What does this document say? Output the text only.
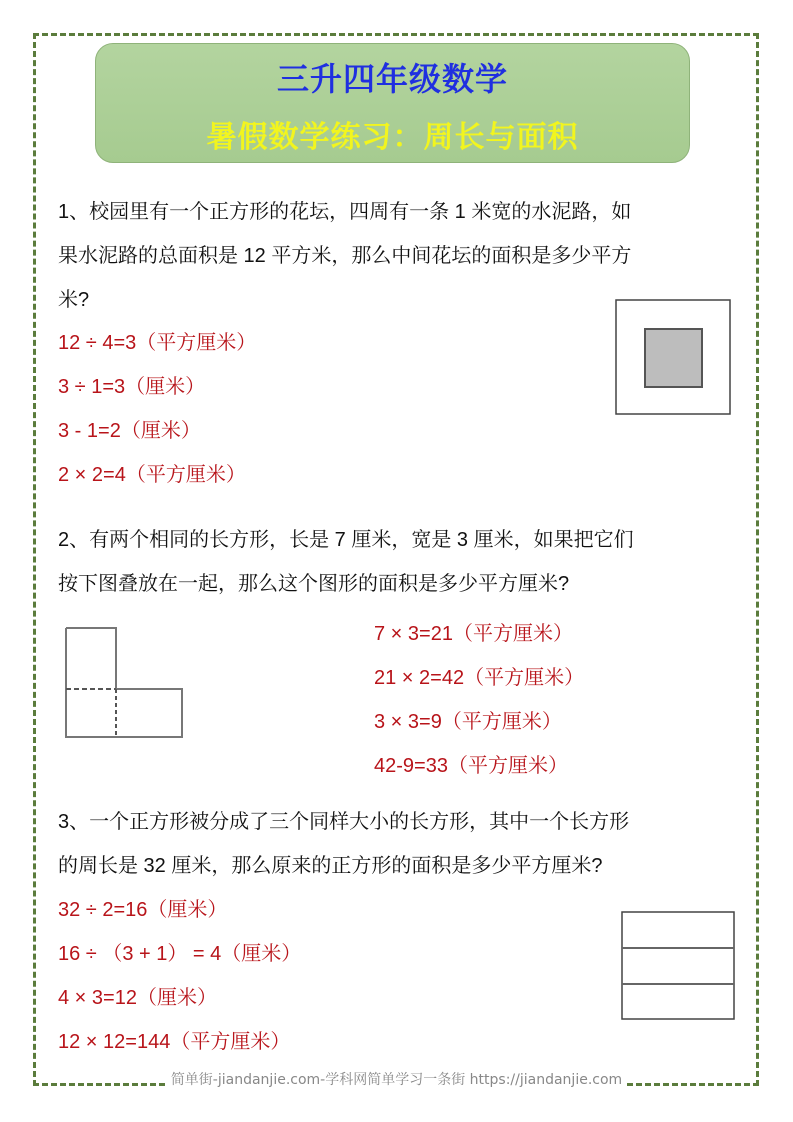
三升四年级数学
暑假数学练习：周长与面积
1、校园里有一个正方形的花坛，四周有一条 1 米宽的水泥路，如
果水泥路的总面积是 12 平方米，那么中间花坛的面积是多少平方
米?
12 ÷ 4=3（平方厘米）
3 ÷ 1=3（厘米）
3 - 1=2（厘米）
2 × 2=4（平方厘米）
2、有两个相同的长方形，长是 7 厘米，宽是 3 厘米，如果把它们
按下图叠放在一起，那么这个图形的面积是多少平方厘米?
7 × 3=21（平方厘米）
21 × 2=42（平方厘米）
3 × 3=9（平方厘米）
42-9=33（平方厘米）
3、一个正方形被分成了三个同样大小的长方形，其中一个长方形
的周长是 32 厘米，那么原来的正方形的面积是多少平方厘米?
32 ÷ 2=16（厘米）
16 ÷ （3 + 1） = 4（厘米）
4 × 3=12（厘米）
12 × 12=144（平方厘米）
简单街-jiandanjie.com-学科网简单学习一条街 https://jiandanjie.com
